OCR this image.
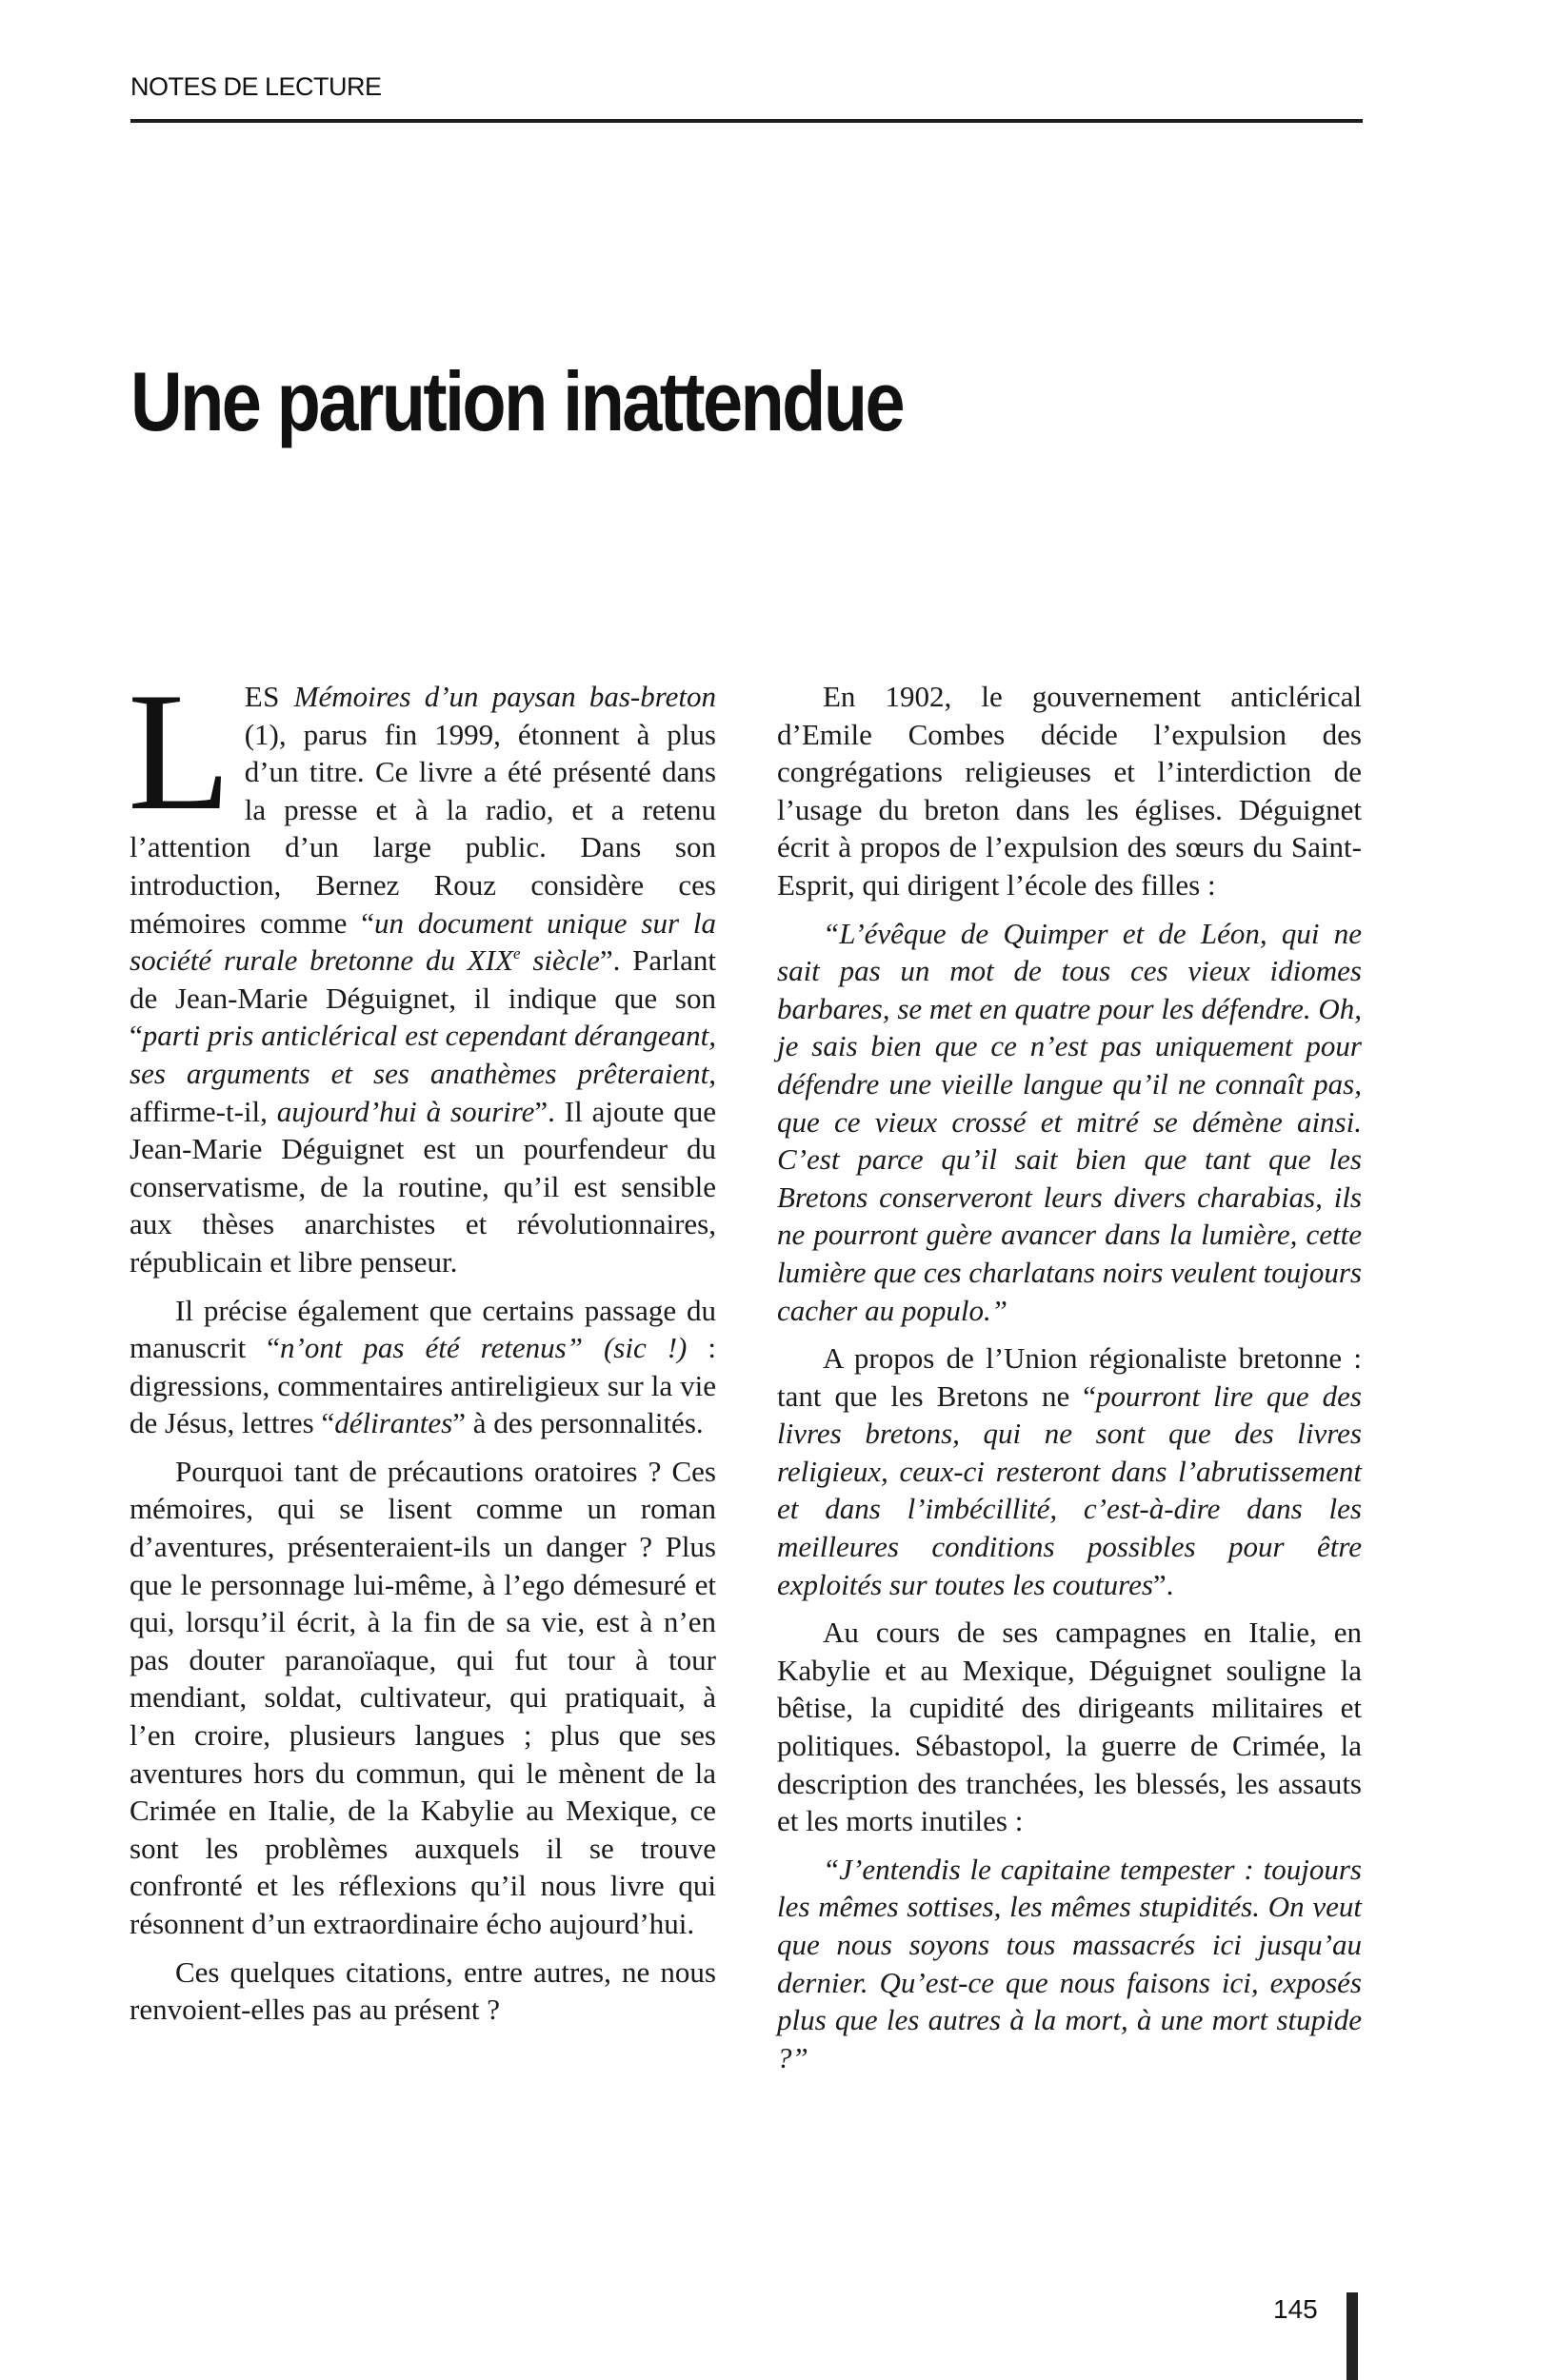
NOTES DE LECTURE
Une parution inattendue

LES Mémoires d’un paysan bas-breton (1), parus fin 1999, étonnent à plus d’un titre. Ce livre a été présenté dans la presse et à la radio, et a retenu l’attention d’un large public. Dans son introduction, Bernez Rouz considère ces mémoires comme “un document unique sur la société rurale bretonne du XIXe siècle”. Parlant de Jean-Marie Déguignet, il indique que son “parti pris anticlérical est cependant dérangeant, ses arguments et ses anathèmes prêteraient, affirme-t-il, aujourd’hui à sourire”. Il ajoute que Jean-Marie Déguignet est un pourfendeur du conservatisme, de la routine, qu’il est sensible aux thèses anarchistes et révolutionnaires, républicain et libre penseur.

Il précise également que certains passage du manuscrit “n’ont pas été retenus” (sic !) : digressions, commentaires antireligieux sur la vie de Jésus, lettres “délirantes” à des personnalités.

Pourquoi tant de précautions oratoires ? Ces mémoires, qui se lisent comme un roman d’aventures, présenteraient-ils un danger ? Plus que le personnage lui-même, à l’ego démesuré et qui, lorsqu’il écrit, à la fin de sa vie, est à n’en pas douter paranoïaque, qui fut tour à tour mendiant, soldat, cultivateur, qui pratiquait, à l’en croire, plusieurs langues ; plus que ses aventures hors du commun, qui le mènent de la Crimée en Italie, de la Kabylie au Mexique, ce sont les problèmes auxquels il se trouve confronté et les réflexions qu’il nous livre qui résonnent d’un extraordinaire écho aujourd’hui.

Ces quelques citations, entre autres, ne nous renvoient-elles pas au présent ?

En 1902, le gouvernement anticlérical d’Emile Combes décide l’expulsion des congrégations religieuses et l’interdiction de l’usage du breton dans les églises. Déguignet écrit à propos de l’expulsion des sœurs du Saint-Esprit, qui dirigent l’école des filles :

“L’évêque de Quimper et de Léon, qui ne sait pas un mot de tous ces vieux idiomes barbares, se met en quatre pour les défendre. Oh, je sais bien que ce n’est pas uniquement pour défendre une vieille langue qu’il ne connaît pas, que ce vieux crossé et mitré se démène ainsi. C’est parce qu’il sait bien que tant que les Bretons conserveront leurs divers charabias, ils ne pourront guère avancer dans la lumière, cette lumière que ces charlatans noirs veulent toujours cacher au populo.”

A propos de l’Union régionaliste bretonne : tant que les Bretons ne “pourront lire que des livres bretons, qui ne sont que des livres religieux, ceux-ci resteront dans l’abrutissement et dans l’imbécillité, c’est-à-dire dans les meilleures conditions possibles pour être exploités sur toutes les coutures”.

Au cours de ses campagnes en Italie, en Kabylie et au Mexique, Déguignet souligne la bêtise, la cupidité des dirigeants militaires et politiques. Sébastopol, la guerre de Crimée, la description des tranchées, les blessés, les assauts et les morts inutiles :

“J’entendis le capitaine tempester : toujours les mêmes sottises, les mêmes stupidités. On veut que nous soyons tous massacrés ici jusqu’au dernier. Qu’est-ce que nous faisons ici, exposés plus que les autres à la mort, à une mort stupide ?”

145
